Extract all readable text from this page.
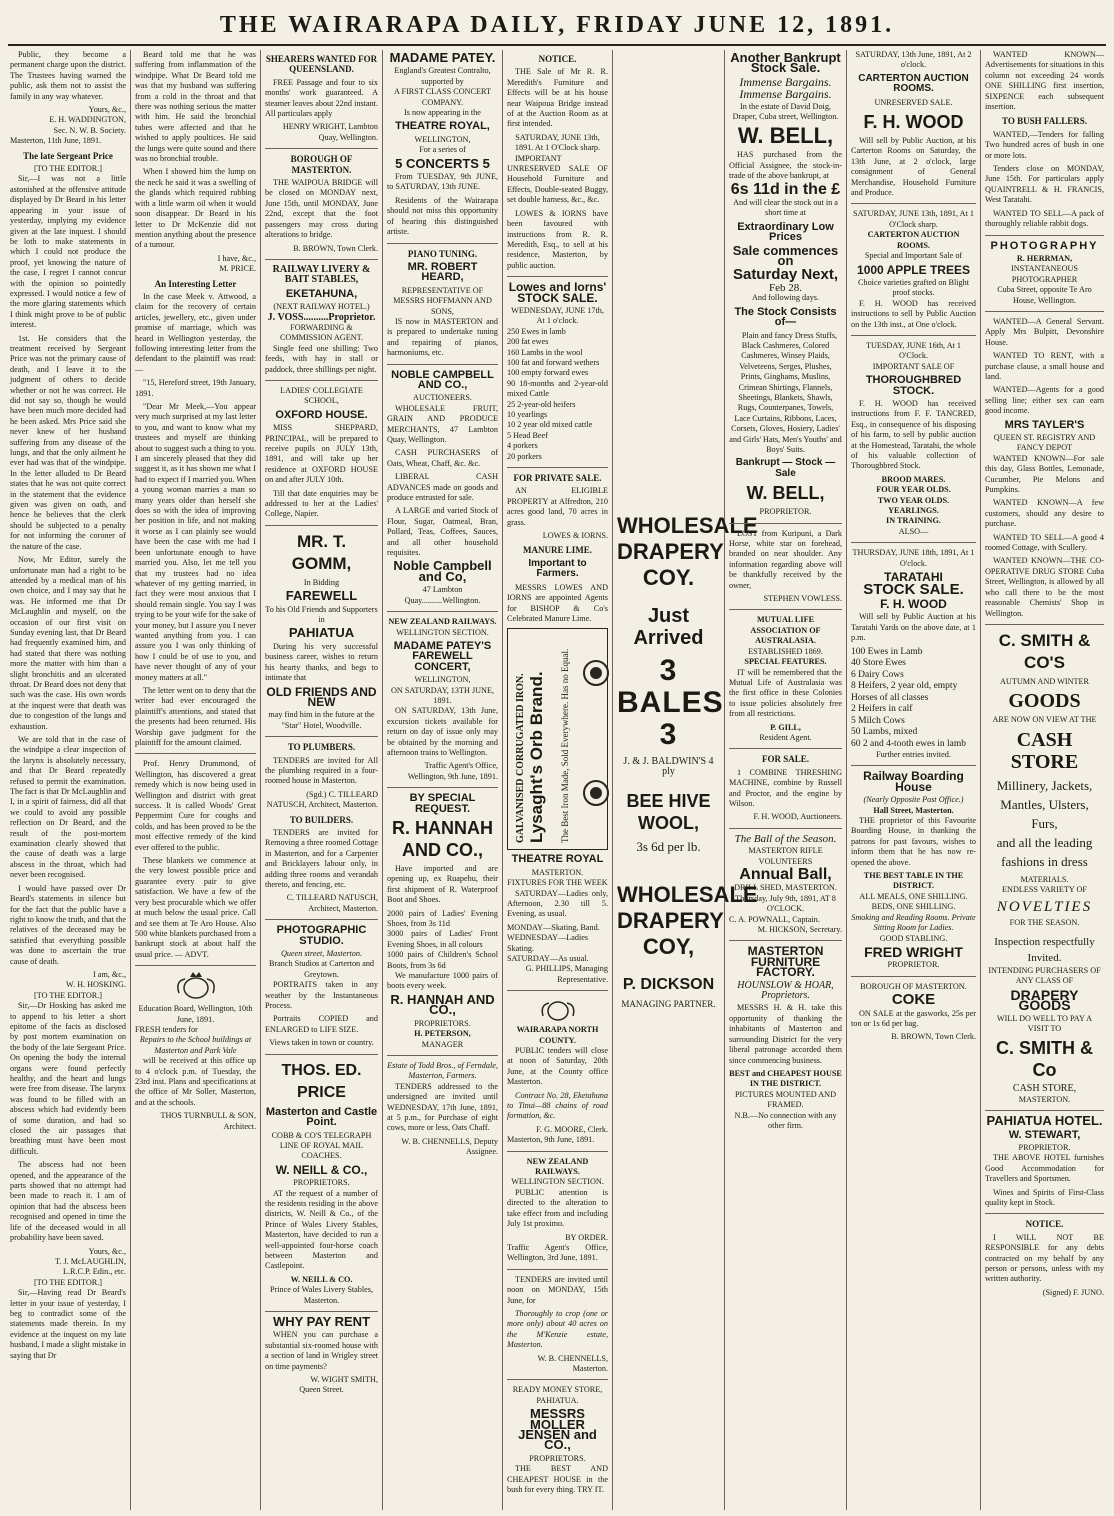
THE WAIRARAPA DAILY, FRIDAY JUNE 12, 1891.

Public, they become a permanent charge upon the district. The Trustees having warned the public, ask them not to assist the family in any way whatever.

Yours, &c.,
E. H. WADDINGTON,
Sec. N. W. B. Society.
Masterton, 11th June, 1891.
The late Sergeant Price
[TO THE EDITOR.]

Sir,—I was not a little astonished at the offensive attitude displayed by Dr Beard in his letter appearing in your issue of yesterday, implying my evidence given at the late inquest. I should be loth to make statements in which I could not produce the proof, yet knowing the nature of the case, I regret I cannot concur with the opinion so pointedly expressed. I would notice a few of the more glaring statements which I think might prove to be of public interest.

1st. He considers that the treatment received by Sergeant Price was not the primary cause of death, and I leave it to the judgment of others to decide whether or not he was correct. He did not say so, though he would have been much more decided had he been asked. Mrs Price said she never knew of her husband suffering from any disease of the lungs, and that the only ailment he ever had was that of the windpipe. In the letter alluded to Dr Beard states that he was not quite correct in the statement that the evidence given was given on oath, and hence he believes that the clerk should be subjected to a penalty for not informing the coroner of the nature of the case.

Now, Mr Editor, surely the unfortunate man had a right to be attended by a medical man of his own choice, and I may say that he was. He informed me that Dr McLaughlin and myself, on the occasion of our first visit on Sunday evening last, that Dr Beard had frequently examined him, and had stated that there was nothing more the matter with him than a slight bronchitis and an ulcerated throat. Dr Beard does not deny that such was the case. His own words at the inquest were that death was due to congestion of the lungs and exhaustion.

We are told that in the case of the windpipe a clear inspection of the larynx is absolutely necessary, and that Dr Beard repeatedly refused to permit the examination. The fact is that Dr McLaughlin and I, in a spirit of fairness, did all that we could to avoid any possible reflection on Dr Beard, and the result of the post-mortem examination clearly showed that the cause of death was a large abscess in the throat, which had never been recognised.

I would have passed over Dr Beard's statements in silence but for the fact that the public have a right to know the truth, and that the relatives of the deceased may be satisfied that everything possible was done to ascertain the true cause of death.

I am, &c.,
W. H. HOSKING.
[TO THE EDITOR.]

Sir,—Dr Hosking has asked me to append to his letter a short epitome of the facts as disclosed by post mortem examination on the body of the late Sergeant Price. On opening the body the internal organs were found perfectly healthy, and the heart and lungs were free from disease. The larynx was found to be filled with an abscess which had evidently been of some duration, and had so closed the air passages that breathing must have been most difficult.

The abscess had not been opened, and the appearance of the parts showed that no attempt had been made to reach it. I am of opinion that had the abscess been recognised and opened in time the life of the deceased would in all probability have been saved.

Yours, &c.,
T. J. McLAUGHLIN,
L.R.C.P. Edin., etc.
[TO THE EDITOR.]

Sir,—Having read Dr Beard's letter in your issue of yesterday, I beg to contradict some of the statements made therein. In my evidence at the inquest on my late husband, I made a slight mistake in saying that Dr

Beard told me that he was suffering from inflammation of the windpipe. What Dr Beard told me was that my husband was suffering from a cold in the throat and that there was nothing serious the matter with him. He said the bronchial tubes were affected and that he wished to apply poultices. He said the lungs were quite sound and there was no bronchial trouble.

When I showed him the lump on the neck he said it was a swelling of the glands which required rubbing with a little warm oil when it would soon disappear. Dr Beard in his letter to Dr McKenzie did not mention anything about the presence of a tumour.

I have, &c.,
M. PRICE.
An Interesting Letter

In the case Meek v. Attwood, a claim for the recovery of certain articles, jewellery, etc., given under promise of marriage, which was heard in Wellington yesterday, the following interesting letter from the defendant to the plaintiff was read:—

"15, Hereford street, 19th January, 1891.

"Dear Mr Meek,—You appear very much surprised at my last letter to you, and want to know what my trustees and myself are thinking about to suggest such a thing to you. I am sincerely pleased that they did suggest it, as it has shown me what I had to expect if I married you. When a young woman marries a man so many years older than herself she does so with the idea of improving her position in life, and not making it worse as I can plainly see would have been the case with me had I been unfortunate enough to have married you. Also, let me tell you that my trustees had no idea whatever of my getting married, in fact they were most anxious that I should remain single. You say I was trying to be your wife for the sake of your money, but I assure you I never wanted anything from you. I can assure you I was only thinking of how I could be of use to you, and have never thought of any of your money matters at all."

The letter went on to deny that the writer had ever encouraged the plaintiff's attentions, and stated that the presents had been returned. His Worship gave judgment for the plaintiff for the amount claimed.

Prof. Henry Drummond, of Wellington, has discovered a great remedy which is now being used in Wellington and district with great success. It is called Woods' Great Peppermint Cure for coughs and colds, and has been proved to be the most effective remedy of the kind ever offered to the public.

These blankets we commence at the very lowest possible price and guarantee every pair to give satisfaction. We have a few of the very best procurable which we offer at much below the usual price. Call and see them at Te Aro House. Also 500 white blankets purchased from a bankrupt stock at about half the usual price. — ADVT.

Education Board, Wellington, 10th June, 1891.
FRESH tenders for
Repairs to the School buildings at Masterton and Park Vale

will be received at this office up to 4 o'clock p.m. of Tuesday, the 23rd inst. Plans and specifications at the office of Mr Soller, Masterton, and at the schools.

THOS TURNBULL & SON, Architect.
SHEARERS WANTED FOR QUEENSLAND.

FREE Passage and four to six months' work guaranteed. A steamer leaves about 22nd instant. All particulars apply

HENRY WRIGHT, Lambton Quay, Wellington.
BOROUGH OF MASTERTON.

THE WAIPOUA BRIDGE will be closed on MONDAY next, June 15th, until MONDAY, June 22nd, except that the foot passengers may cross during alterations to bridge.

B. BROWN, Town Clerk.
RAILWAY LIVERY & BAIT STABLES,
EKETAHUNA,
(NEXT RAILWAY HOTEL.)
J. VOSS..........Proprietor.
FORWARDING & COMMISSION AGENT.

Single feed one shilling; Two feeds, with hay in stall or paddock, three shillings per night.

LADIES' COLLEGIATE SCHOOL,
OXFORD HOUSE.

MISS SHEPPARD, PRINCIPAL, will be prepared to receive pupils on JULY 13th, 1891, and will take up her residence at OXFORD HOUSE on and after JULY 10th.

Till that date enquiries may be addressed to her at the Ladies' College, Napier.

MR. T. GOMM,
In Bidding
FAREWELL
To his Old Friends and Supporters in
PAHIATUA

During his very successful business career, wishes to return his hearty thanks, and begs to intimate that

OLD FRIENDS AND NEW
may find him in the future at the "Star" Hotel, Woodville.
TO PLUMBERS.

TENDERS are invited for All the plumbing required in a four-roomed house in Masterton.

(Sgd.) C. TILLEARD NATUSCH, Architect, Masterton.
TO BUILDERS.

TENDERS are invited for Removing a three roomed Cottage in Masterton, and for a Carpenter and Bricklayers labour only, in adding three rooms and verandah thereto, and fencing, etc.

C. TILLEARD NATUSCH, Architect, Masterton.
PHOTOGRAPHIC STUDIO.
Queen street, Masterton.
Branch Studios at Carterton and Greytown.

PORTRAITS taken in any weather by the Instantaneous Process.

Portraits COPIED and ENLARGED to LIFE SIZE.

Views taken in town or country.
THOS. ED. PRICE
Masterton and Castle Point.
COBB & CO'S TELEGRAPH LINE OF ROYAL MAIL COACHES.
W. NEILL & CO.,
PROPRIETORS.

AT the request of a number of the residents residing in the above districts, W. Neill & Co., of the Prince of Wales Livery Stables, Masterton, have decided to run a well-appointed four-horse coach between Masterton and Castlepoint.

W. NEILL & CO.
Prince of Wales Livery Stables, Masterton.
WHY PAY RENT

WHEN you can purchase a substantial six-roomed house with a section of land in Wrigley street on time payments?

W. WIGHT SMITH,
Queen Street.
MADAME PATEY.
England's Greatest Contralto, supported by
A FIRST CLASS CONCERT COMPANY.
Is now appearing in the
THEATRE ROYAL,
WELLINGTON,
For a series of
5 CONCERTS 5

From TUESDAY, 9th JUNE, to SATURDAY, 13th JUNE.

Residents of the Wairarapa should not miss this opportunity of hearing this distinguished artiste.

PIANO TUNING.
MR. ROBERT HEARD,
REPRESENTATIVE OF
MESSRS HOFFMANN AND SONS,

IS now in MASTERTON and is prepared to undertake tuning and repairing of pianos, harmoniums, etc.

NOBLE CAMPBELL AND CO.,
AUCTIONEERS.

WHOLESALE FRUIT, GRAIN AND PRODUCE MERCHANTS, 47 Lambton Quay, Wellington.

CASH PURCHASERS of Oats, Wheat, Chaff, &c. &c.

LIBERAL CASH ADVANCES made on goods and produce entrusted for sale.

A LARGE and varied Stock of Flour, Sugar, Oatmeal, Bran, Pollard, Teas, Coffees, Sauces, and all other household requisites.

Noble Campbell and Co,
47 Lambton Quay..........Wellington.
NEW ZEALAND RAILWAYS.
WELLINGTON SECTION.
MADAME PATEY'S FAREWELL CONCERT,
WELLINGTON,
ON SATURDAY, 13TH JUNE, 1891.

ON SATURDAY, 13th June, excursion tickets available for return on day of issue only may be obtained by the morning and afternoon trains to Wellington.

Traffic Agent's Office, Wellington, 9th June, 1891.
BY SPECIAL REQUEST.
R. HANNAH AND CO.,

Have imported and are opening up, ex Ruapehu, their first shipment of R. Waterproof Boot and Shoes.

2000 pairs of Ladies' Evening Shoes, from 3s 11d
3000 pairs of Ladies' Front Evening Shoes, in all colours
1000 pairs of Children's School Boots, from 3s 6d

We manufacture 1000 pairs of boots every week.

R. HANNAH AND CO.,
PROPRIETORS.
H. PETERSON,
MANAGER
Estate of Todd Bros., of Ferndale, Masterton, Farmers.

TENDERS addressed to the undersigned are invited until WEDNESDAY, 17th June, 1891, at 5 p.m., for Purchase of eight cows, more or less, Oats Chaff.

W. B. CHENNELLS, Deputy Assignee.
NOTICE.

THE Sale of Mr R. R. Meredith's Furniture and Effects will be at his house near Waipoua Bridge instead of at the Auction Room as at first intended.

SATURDAY, JUNE 13th, 1891. At 1 O'Clock sharp.

IMPORTANT UNRESERVED SALE OF Household Furniture and Effects, Double-seated Buggy, set double harness, &c., &c.

LOWES & IORNS have been favoured with instructions from R. R. Meredith, Esq., to sell at his residence, Masterton, by public auction.

Lowes and Iorns' STOCK SALE.
WEDNESDAY, JUNE 17th, At 1 o'clock.
250 Ewes in lamb
200 fat ewes
160 Lambs in the wool
100 fat and forward wethers
100 empty forward ewes
90 18-months and 2-year-old mixed Cattle
25 2-year-old heifers
10 yearlings
10 2 year old mixed cattle
5 Head Beef
4 porkers
20 porkers
FOR PRIVATE SALE.

AN ELIGIBLE PROPERTY at Alfredton, 210 acres good land, 70 acres in grass.

LOWES & IORNS.
MANURE LIME.
Important to Farmers.

MESSRS LOWES AND IORNS are appointed Agents for BISHOP & Co's Celebrated Manure Lime.

GALVANISED CORRUGATED IRON. Lysaght's Orb Brand. The Best Iron Made, Sold Everywhere. Has no Equal.
THEATRE ROYAL
MASTERTON.
FIXTURES FOR THE WEEK

SATURDAY—Ladies only, Afternoon, 2.30 till 5. Evening, as usual.

MONDAY—Skating, Band.
WEDNESDAY—Ladies Skating.
SATURDAY—As usual.
G. PHILLIPS, Managing Representative.
WAIRARAPA NORTH COUNTY.

PUBLIC tenders will close at noon of Saturday, 20th June, at the County office Masterton.

Contract No. 28, Eketahuna to Tinui—88 chains of road formation, &c.

F. G. MOORE, Clerk.
Masterton, 9th June, 1891.
NEW ZEALAND RAILWAYS.
WELLINGTON SECTION.

PUBLIC attention is directed to the alteration to take effect from and including July 1st proximo.

BY ORDER.
Traffic Agent's Office, Wellington, 3rd June, 1891.

TENDERS are invited until noon on MONDAY, 15th June, for

Thoroughly to crop (one or more only) about 40 acres on the M'Kenzie estate, Masterton.

W. B. CHENNELLS, Masterton.
READY MONEY STORE,
PAHIATUA.
MESSRS MOLLER JENSEN and CO.,
PROPRIETORS.

THE BEST AND CHEAPEST HOUSE in the bush for every thing. TRY IT.

WHOLESALE DRAPERY COY.
Just Arrived
3 BALES 3
J. & J. BALDWIN'S 4 ply
BEE HIVE WOOL,
3s 6d per lb.
WHOLESALE DRAPERY COY,
P. DICKSON
MANAGING PARTNER.
Another Bankrupt Stock Sale.
Immense Bargains.
Immense Bargains.
In the estate of David Doig, Draper, Cuba street, Wellington.
W. BELL,

HAS purchased from the Official Assignee, the stock-in-trade of the above bankrupt, at

6s 11d in the £
And will clear the stock out in a short time at
Extraordinary Low Prices
Sale commences on
Saturday Next,
Feb 28.
And following days.
The Stock Consists of—

Plain and fancy Dress Stuffs, Black Cashmeres, Colored Cashmeres, Winsey Plaids, Velveteens, Serges, Plushes, Prints, Ginghams, Muslins, Crimean Shirtings, Flannels, Sheetings, Blankets, Shawls, Rugs, Counterpanes, Towels, Lace Curtains, Ribbons, Laces, Corsets, Gloves, Hosiery, Ladies' and Girls' Hats, Men's Youths' and Boys' Suits.

Bankrupt — Stock — Sale
W. BELL,
PROPRIETOR.

LOST from Kuripuni, a Dark Horse, white star on forehead, branded on near shoulder. Any information regarding above will be thankfully received by the owner,

STEPHEN VOWLESS.
MUTUAL LIFE ASSOCIATION OF AUSTRALASIA.
ESTABLISHED 1869.
SPECIAL FEATURES.

IT will be remembered that the Mutual Life of Australasia was the first office in these Colonies to issue policies absolutely free from all restrictions.

P. GILL,
Resident Agent.
FOR SALE.

1 COMBINE THRESHING MACHINE, combine by Russell and Proctor, and the engine by Wilson.

F. H. WOOD, Auctioneers.
The Ball of the Season.
MASTERTON RIFLE VOLUNTEERS
Annual Ball,
DRILL SHED, MASTERTON. Thursday, July 9th, 1891, AT 8 O'CLOCK.
C. A. POWNALL, Captain.
M. HICKSON, Secretary.
MASTERTON FURNITURE FACTORY.
HOUNSLOW & HOAR, Proprietors.

MESSRS H. & H. take this opportunity of thanking the inhabitants of Masterton and surrounding District for the very liberal patronage accorded them since commencing business.

BEST and CHEAPEST HOUSE IN THE DISTRICT.
PICTURES MOUNTED AND FRAMED.
N.B.—No connection with any other firm.
SATURDAY, 13th June, 1891, At 2 o'clock.
CARTERTON AUCTION ROOMS.
UNRESERVED SALE.
F. H. WOOD

Will sell by Public Auction, at his Carterton Rooms on Saturday, the 13th June, at 2 o'clock, large consignment of General Merchandise, Household Furniture and Produce.

SATURDAY, JUNE 13th, 1891, At 1 O'Clock sharp.
CARTERTON AUCTION ROOMS.
Special and Important Sale of
1000 APPLE TREES
Choice varieties grafted on Blight proof stocks.

F. H. WOOD has received instructions to sell by Public Auction on the 13th inst., at One o'clock.

TUESDAY, JUNE 16th, At 1 O'Clock.
IMPORTANT SALE OF
THOROUGHBRED STOCK.

F. H. WOOD has received instructions from F. F. TANCRED, Esq., in consequence of his disposing of his farm, to sell by public auction at the Homestead, Taratahi, the whole of his valuable collection of Thoroughbred Stock.

BROOD MARES.
FOUR YEAR OLDS.
TWO YEAR OLDS.
YEARLINGS.
IN TRAINING.
ALSO—
THURSDAY, JUNE 18th, 1891, At 1 O'clock.
TARATAHI
STOCK SALE.
F. H. WOOD

Will sell by Public Auction at his Taratahi Yards on the above date, at 1 p.m.

100 Ewes in Lamb
40 Store Ewes
6 Dairy Cows
8 Heifers, 2 year old, empty
Horses of all classes
2 Heifers in calf
5 Milch Cows
50 Lambs, mixed
60 2 and 4-tooth ewes in lamb
Further entries invited.
Railway Boarding House
(Nearly Opposite Post Office.)
Hall Street, Masterton.

THE proprietor of this Favourite Boarding House, in thanking the patrons for past favours, wishes to inform them that he has now re-opened the above.

THE BEST TABLE IN THE DISTRICT.
ALL MEALS, ONE SHILLING. BEDS, ONE SHILLING.
Smoking and Reading Rooms. Private
Sitting Room for Ladies.
GOOD STABLING.
FRED WRIGHT
PROPRIETOR.
BOROUGH OF MASTERTON.
COKE

ON SALE at the gasworks, 25s per ton or 1s 6d per bag.

B. BROWN, Town Clerk.

WANTED KNOWN—Advertisements for situations in this column not exceeding 24 words ONE SHILLING first insertion, SIXPENCE each subsequent insertion.

TO BUSH FALLERS.

WANTED,—Tenders for falling Two hundred acres of bush in one or more lots.

Tenders close on MONDAY, June 15th. For particulars apply QUAINTRELL & H. FRANCIS, West Taratahi.

WANTED TO SELL—A pack of thoroughly reliable rabbit dogs.

PHOTOGRAPHY
R. HERRMAN,
INSTANTANEOUS PHOTOGRAPHER
Cuba Street, opposite Te Aro House, Wellington.

WANTED—A General Servant. Apply Mrs Bulpitt, Devonshire House.

WANTED TO RENT, with a purchase clause, a small house and land.

WANTED—Agents for a good selling line; either sex can earn good income.

MRS TAYLER'S
QUEEN ST. REGISTRY AND FANCY DEPOT

WANTED KNOWN—For sale this day, Glass Bottles, Lemonade, Cucumber, Pie Melons and Pumpkins.

WANTED KNOWN—A few customers, should any desire to purchase.

WANTED TO SELL—A good 4 roomed Cottage, with Scullery.

WANTED KNOWN—THE CO-OPERATIVE DRUG STORE Cuba Street, Wellington, is allowed by all who call there to be the most reasonable Chemists' Shop in Wellington.

C. SMITH & CO'S
AUTUMN AND WINTER
GOODS
ARE NOW ON VIEW AT THE
CASH STORE
Millinery, Jackets,
Mantles, Ulsters,
Furs,
and all the leading
fashions in dress
MATERIALS.
ENDLESS VARIETY OF
NOVELTIES
FOR THE SEASON.
Inspection respectfully
Invited.
INTENDING PURCHASERS OF
ANY CLASS OF
DRAPERY GOODS
WILL DO WELL TO PAY A
VISIT TO
C. SMITH & Co
CASH STORE,
MASTERTON.
PAHIATUA HOTEL.
W. STEWART,
PROPRIETOR.

THE ABOVE HOTEL furnishes Good Accommodation for Travellers and Sportsmen.

Wines and Spirits of First-Class quality kept in Stock.

NOTICE.

I WILL NOT BE RESPONSIBLE for any debts contracted on my behalf by any person or persons, unless with my written authority.

(Signed) F. JUNO.
